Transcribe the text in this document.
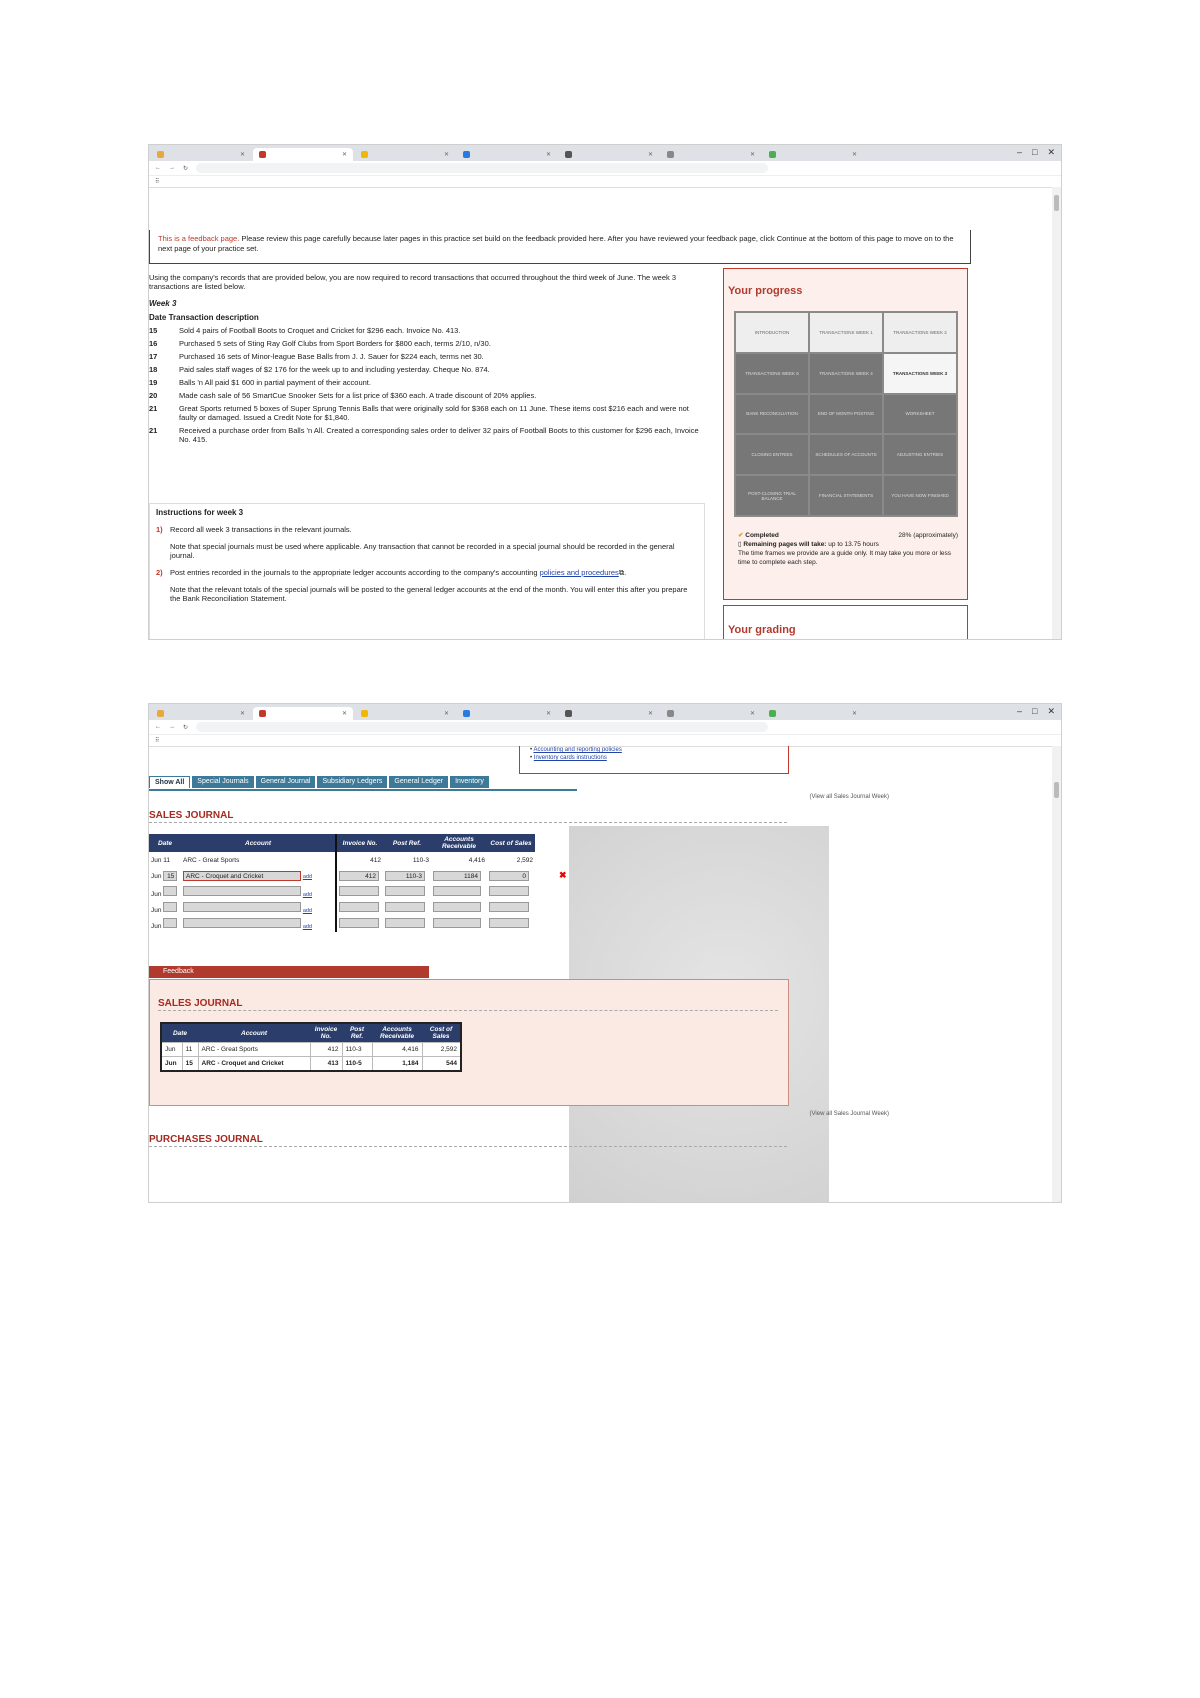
✕	✕	✕	✕	✕	✕	✕	– □ ✕
← → ↻
⠿
This is a feedback page. Please review this page carefully because later pages in this practice set build on the feedback provided here. After you have reviewed your feedback page, click Continue at the bottom of this page to move on to the next page of your practice set.
Using the company's records that are provided below, you are now required to record transactions that occurred throughout the third week of June. The week 3 transactions are listed below.
Week 3
Date Transaction description
15	Sold 4 pairs of Football Boots to Croquet and Cricket for $296 each. Invoice No. 413.
16	Purchased 5 sets of Sting Ray Golf Clubs from Sport Borders for $800 each, terms 2/10, n/30.
17	Purchased 16 sets of Minor-league Base Balls from J. J. Sauer for $224 each, terms net 30.
18	Paid sales staff wages of $2 176 for the week up to and including yesterday. Cheque No. 874.
19	Balls 'n All paid $1 600 in partial payment of their account.
20	Made cash sale of 56 SmartCue Snooker Sets for a list price of $360 each. A trade discount of 20% applies.
21	Great Sports returned 5 boxes of Super Sprung Tennis Balls that were originally sold for $368 each on 11 June. These items cost $216 each and were not faulty or damaged. Issued a Credit Note for $1,840.
21	Received a purchase order from Balls 'n All. Created a corresponding sales order to deliver 32 pairs of Football Boots to this customer for $296 each, Invoice No. 415.
Instructions for week 3
1) Record all week 3 transactions in the relevant journals.
Note that special journals must be used where applicable. Any transaction that cannot be recorded in a special journal should be recorded in the general journal.
2) Post entries recorded in the journals to the appropriate ledger accounts according to the company's accounting policies and procedures⧉.
Note that the relevant totals of the special journals will be posted to the general ledger accounts at the end of the month. You will enter this after you prepare the Bank Reconciliation Statement.
Your progress
INTRODUCTION	TRANSACTIONS WEEK 1	TRANSACTIONS WEEK 2
TRANSACTIONS WEEK 5	TRANSACTIONS WEEK 4	TRANSACTIONS WEEK 3
BANK RECONCILIATION	END OF MONTH POSTING	WORKSHEET
CLOSING ENTRIES	SCHEDULES OF ACCOUNTS	ADJUSTING ENTRIES
POST-CLOSING TRIAL BALANCE	FINANCIAL STATEMENTS	YOU HAVE NOW FINISHED
✔ Completed	28% (approximately)
▯ Remaining pages will take: up to 13.75 hours
The time frames we provide are a guide only. It may take you more or less time to complete each step.
Your grading
✕	✕	✕	✕	✕	✕	✕	– □ ✕
← → ↻
⠿
• Accounting and reporting policies
• Inventory cards instructions
Show All	Special Journals	General Journal	Subsidiary Ledgers	General Ledger	Inventory
(View all Sales Journal Week)
SALES JOURNAL
Date	Account	Invoice No.	Post Ref.	Accounts Receivable	Cost of Sales
Jun 11	ARC - Great Sports	412	110-3	4,416	2,592
Jun 15	ARC - Croquet and Cricket add	412	110-3	1184	0
Jun	add				
Jun	add				
Jun	add				
✖
Feedback
SALES JOURNAL
Date		Account	Invoice No.	Post Ref.	Accounts Receivable	Cost of Sales
Jun	11	ARC - Great Sports	412	110-3	4,416	2,592
Jun	15	ARC - Croquet and Cricket	413	110-5	1,184	544
(View all Sales Journal Week)
PURCHASES JOURNAL
